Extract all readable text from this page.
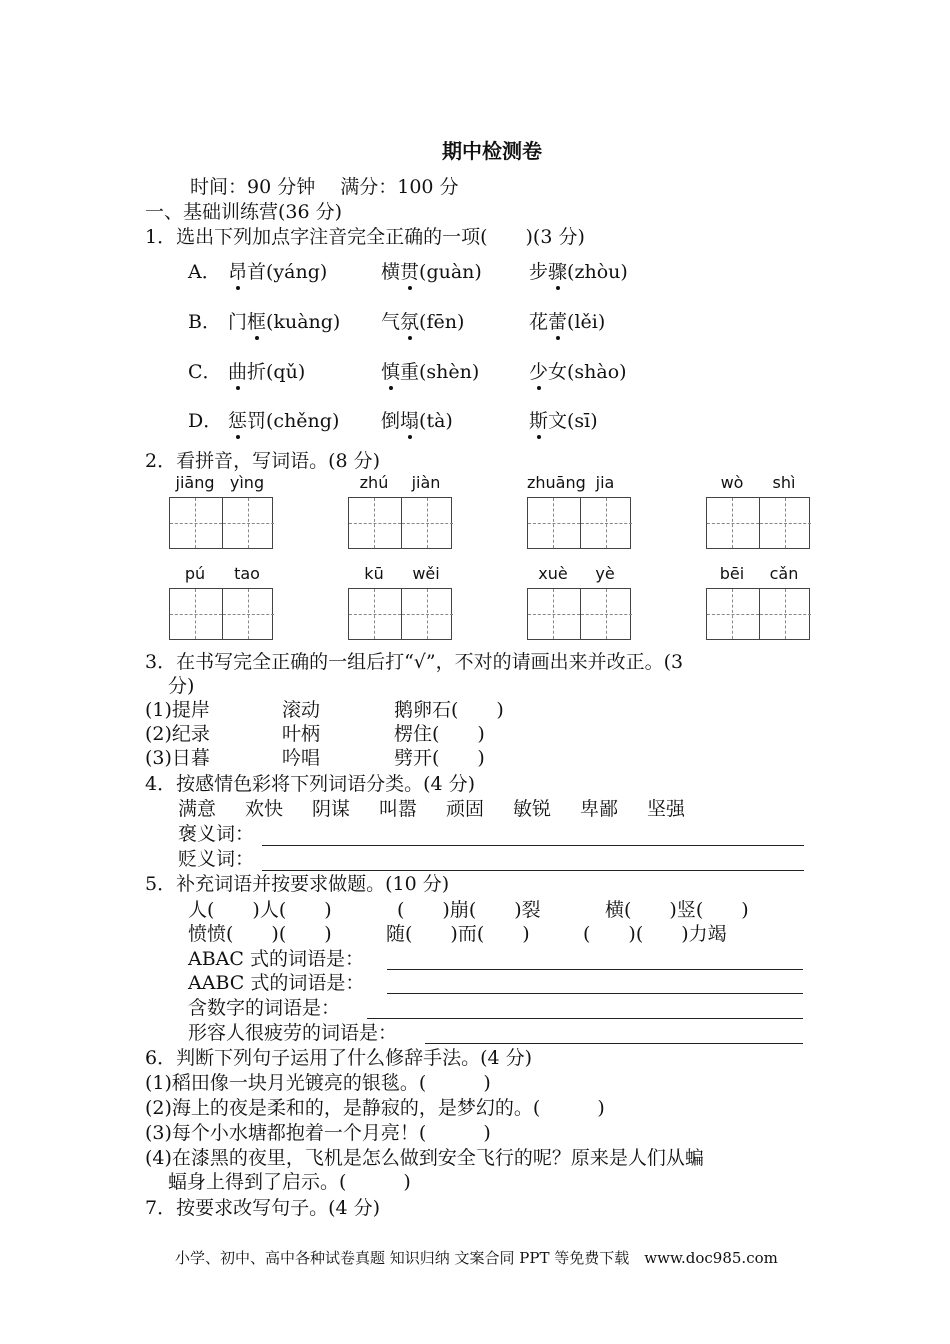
期中检测卷
时间：90 分钟　 满分：100 分
一、基础训练营(36 分)
1．选出下列加点字注音完全正确的一项(　　)(3 分)
A． 昂首(yáng)	横贯(guàn) 步骤(zhòu)
B． 门框(kuàng) 气氛(fēn)	花蕾(lěi)
C． 曲折(qǔ)	慎重(shèn)	少女(shào)
D． 惩罚(chěng) 倒塌(tà)	斯文(sī)
2．看拼音，写词语。(8 分)
jiāng yìng	zhú	jiàn	zhuāng jia	wò	shì
pú	tao	kū	wěi	xuè	yè	bēi	cǎn
3．在书写完全正确的一组后打“√”，不对的请画出来并改正。(3
分)
(1)提岸	滚动	鹅卵石(　　)
(2)纪录	叶柄	楞住(　　)
(3)日暮	吟唱	劈开(　　)
4．按感情色彩将下列词语分类。(4 分)
满意 欢快 阴谋 叫嚣 顽固 敏锐 卑鄙 坚强
褒义词：
贬义词：
5．补充词语并按要求做题。(10 分)
人(　　)人(　　)	(　　)崩(　　)裂	横(　　)竖(　　)
愤愤(　　)(　　)	随(　　)而(　　)	(　　)(　　)力竭
ABAC 式的词语是：
AABC 式的词语是：
含数字的词语是：
形容人很疲劳的词语是：
6．判断下列句子运用了什么修辞手法。(4 分)
(1)稻田像一块月光镀亮的银毯。(　　　)
(2)海上的夜是柔和的，是静寂的，是梦幻的。(　　　)
(3)每个小水塘都抱着一个月亮！(　　　)
(4)在漆黑的夜里，飞机是怎么做到安全飞行的呢？原来是人们从蝙
蝠身上得到了启示。(　　　)
7．按要求改写句子。(4 分)
小学、初中、高中各种试卷真题 知识归纳 文案合同 PPT 等免费下载　www.doc985.com
